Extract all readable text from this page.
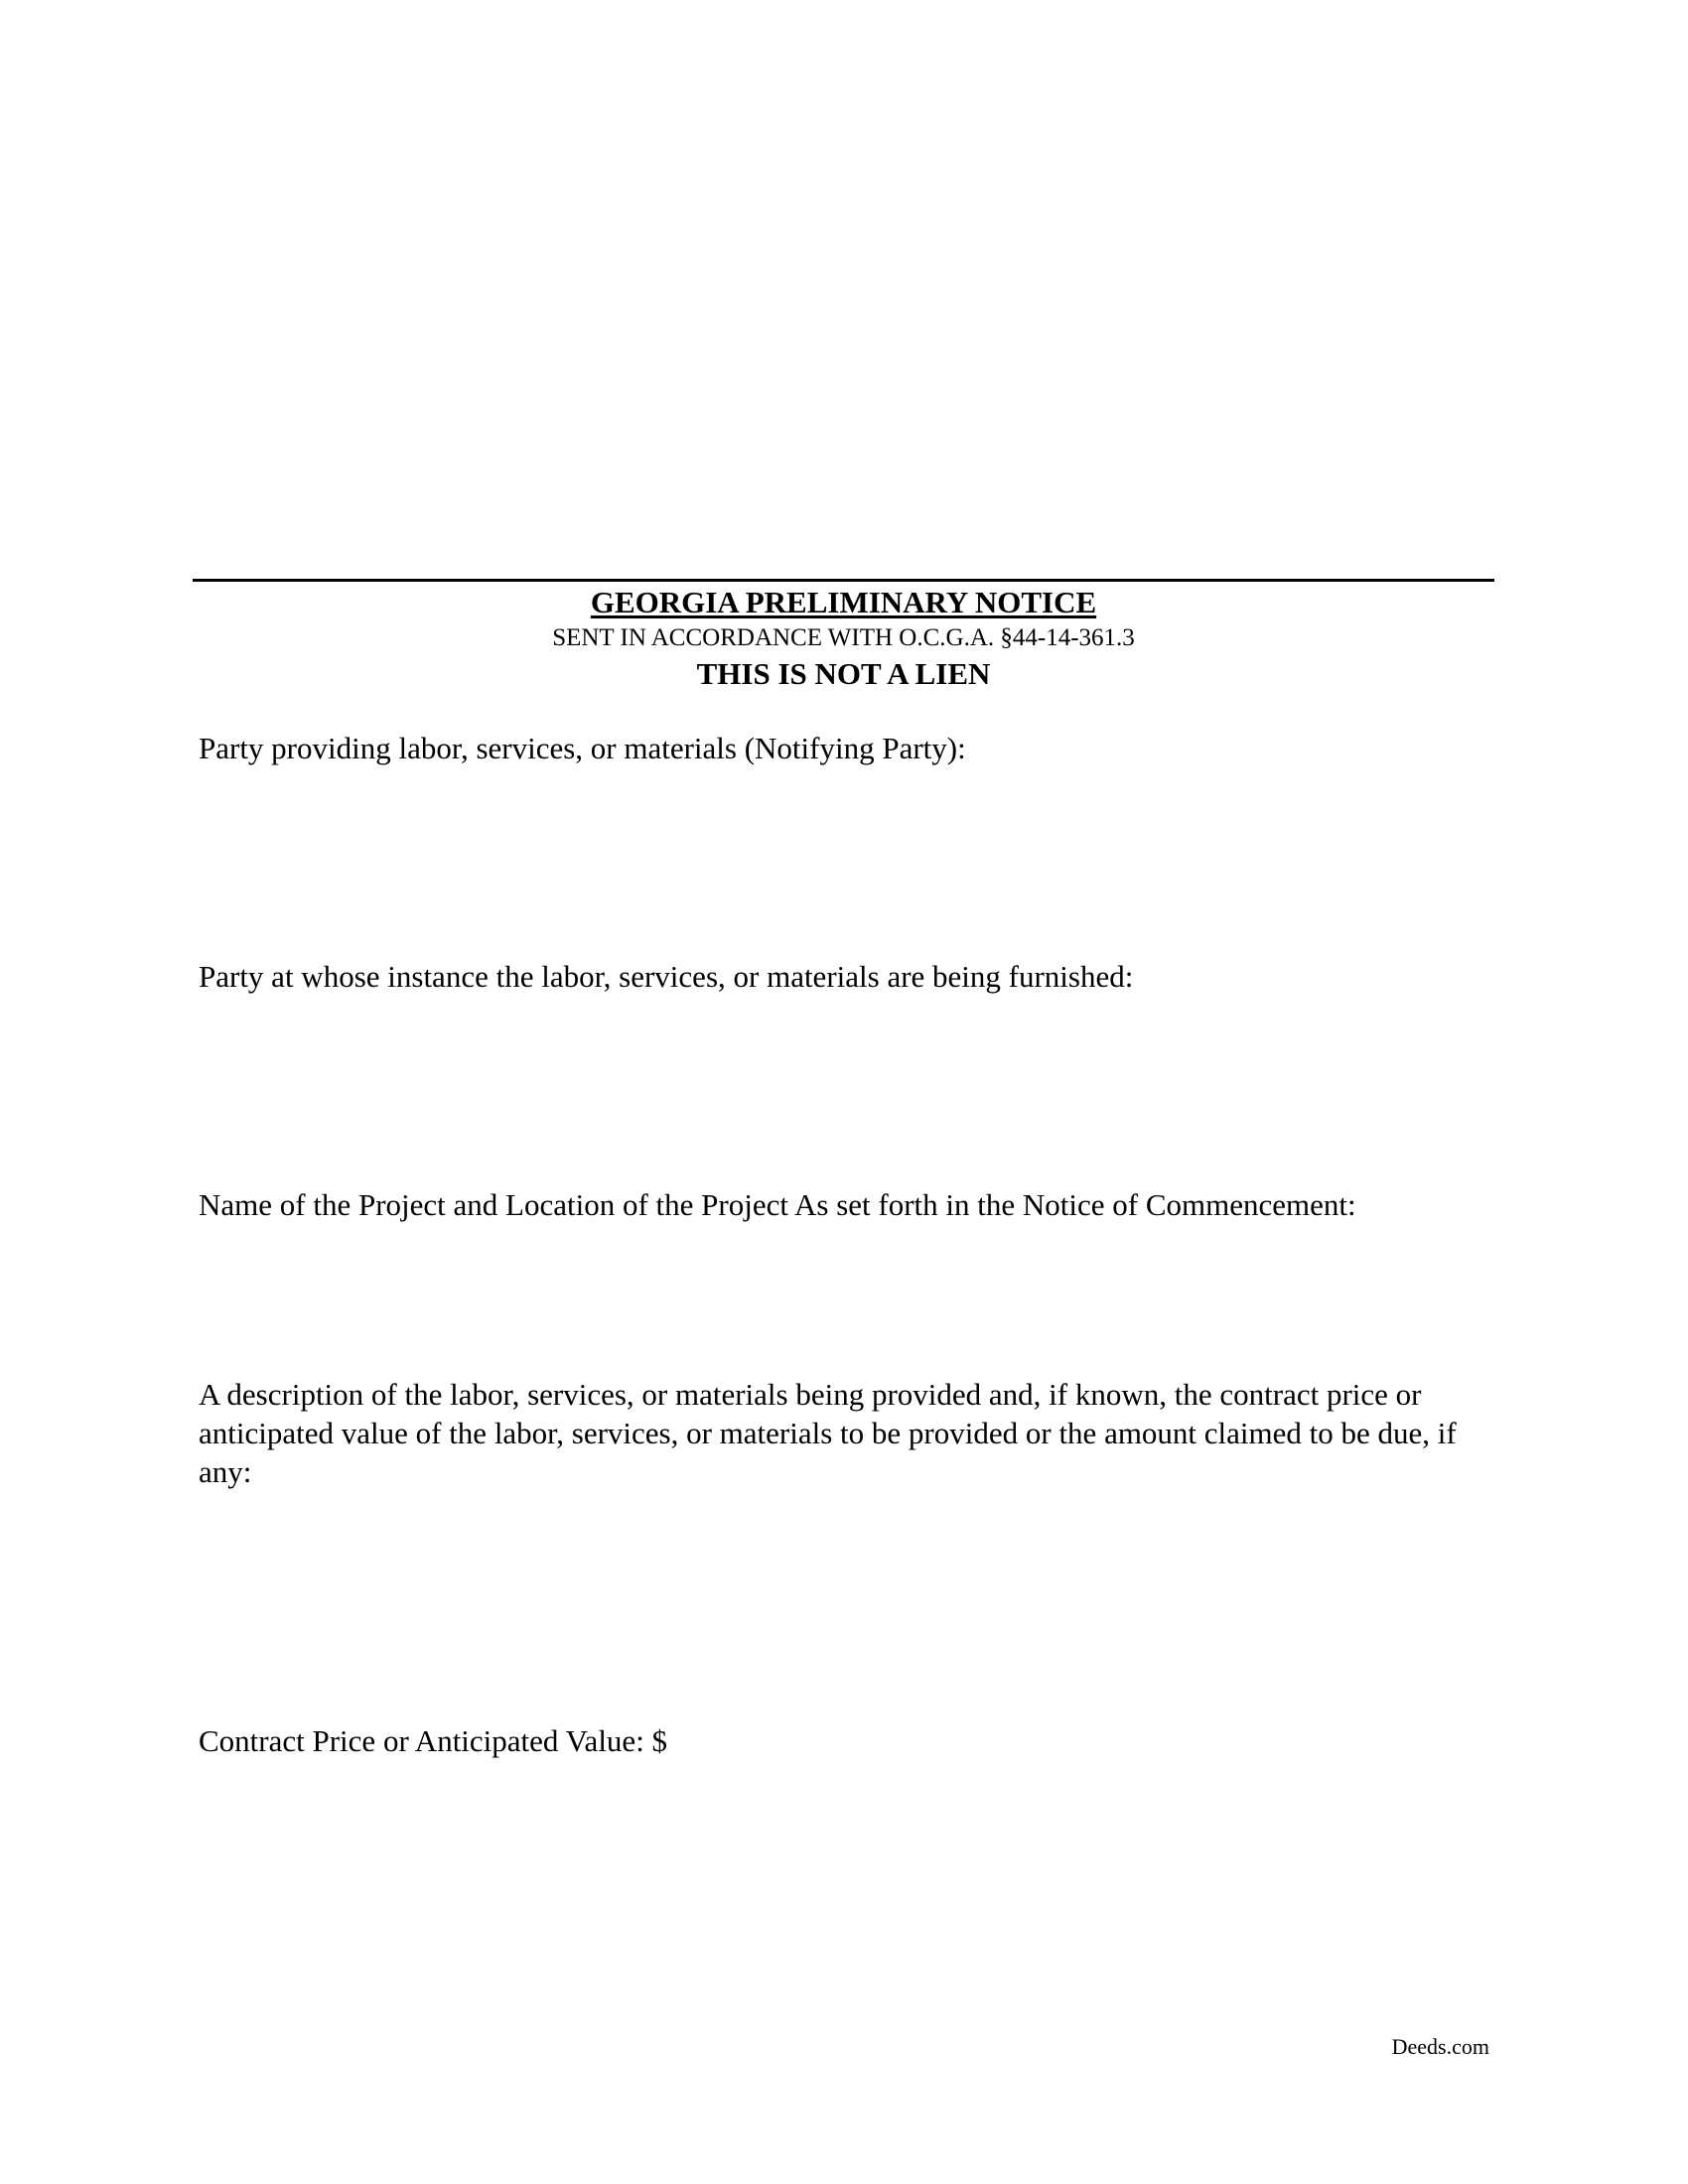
GEORGIA PRELIMINARY NOTICE
SENT IN ACCORDANCE WITH O.C.G.A. §44-14-361.3
THIS IS NOT A LIEN

Party providing labor, services, or materials (Notifying Party):

Party at whose instance the labor, services, or materials are being furnished:

Name of the Project and Location of the Project As set forth in the Notice of Commencement:

A description of the labor, services, or materials being provided and, if known, the contract price or anticipated value of the labor, services, or materials to be provided or the amount claimed to be due, if any:

Contract Price or Anticipated Value: $

Deeds.com
